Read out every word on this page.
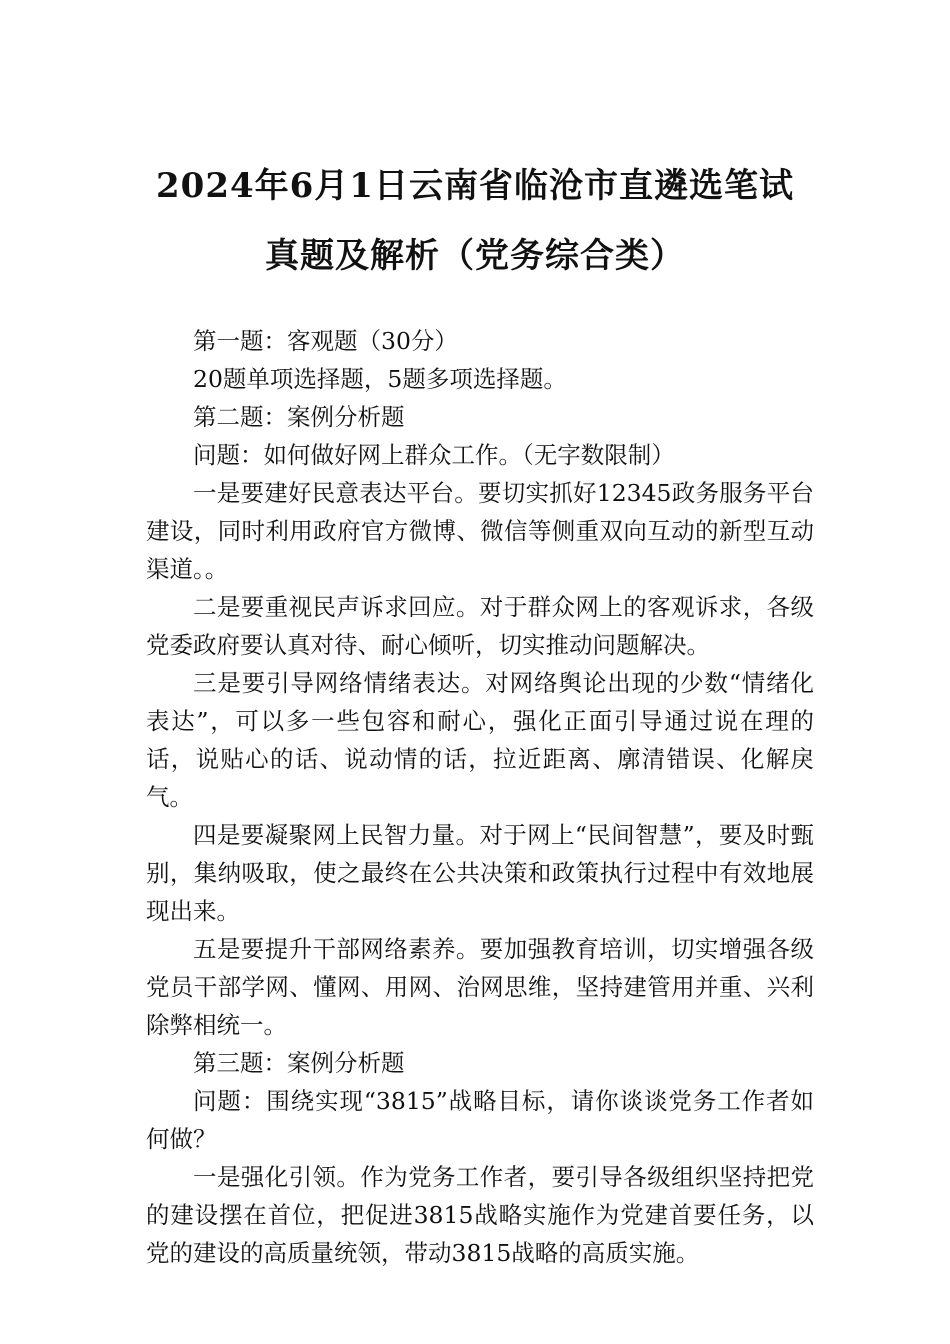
2024年6月1日云南省临沧市直遴选笔试
真题及解析（党务综合类）

第一题：客观题（30分）

20题单项选择题，5题多项选择题。

第二题：案例分析题

问题：如何做好网上群众工作。（无字数限制）

一是要建好民意表达平台。要切实抓好12345政务服务平台建设，同时利用政府官方微博、微信等侧重双向互动的新型互动渠道。。

二是要重视民声诉求回应。对于群众网上的客观诉求，各级党委政府要认真对待、耐心倾听，切实推动问题解决。

三是要引导网络情绪表达。对网络舆论出现的少数“情绪化表达”，可以多一些包容和耐心，强化正面引导通过说在理的话，说贴心的话、说动情的话，拉近距离、廓清错误、化解戾气。

四是要凝聚网上民智力量。对于网上“民间智慧”，要及时甄别，集纳吸取，使之最终在公共决策和政策执行过程中有效地展现出来。

五是要提升干部网络素养。要加强教育培训，切实增强各级党员干部学网、懂网、用网、治网思维，坚持建管用并重、兴利除弊相统一。

第三题：案例分析题

问题：围绕实现“3815”战略目标，请你谈谈党务工作者如何做？

一是强化引领。作为党务工作者，要引导各级组织坚持把党的建设摆在首位，把促进3815战略实施作为党建首要任务，以党的建设的高质量统领，带动3815战略的高质实施。
